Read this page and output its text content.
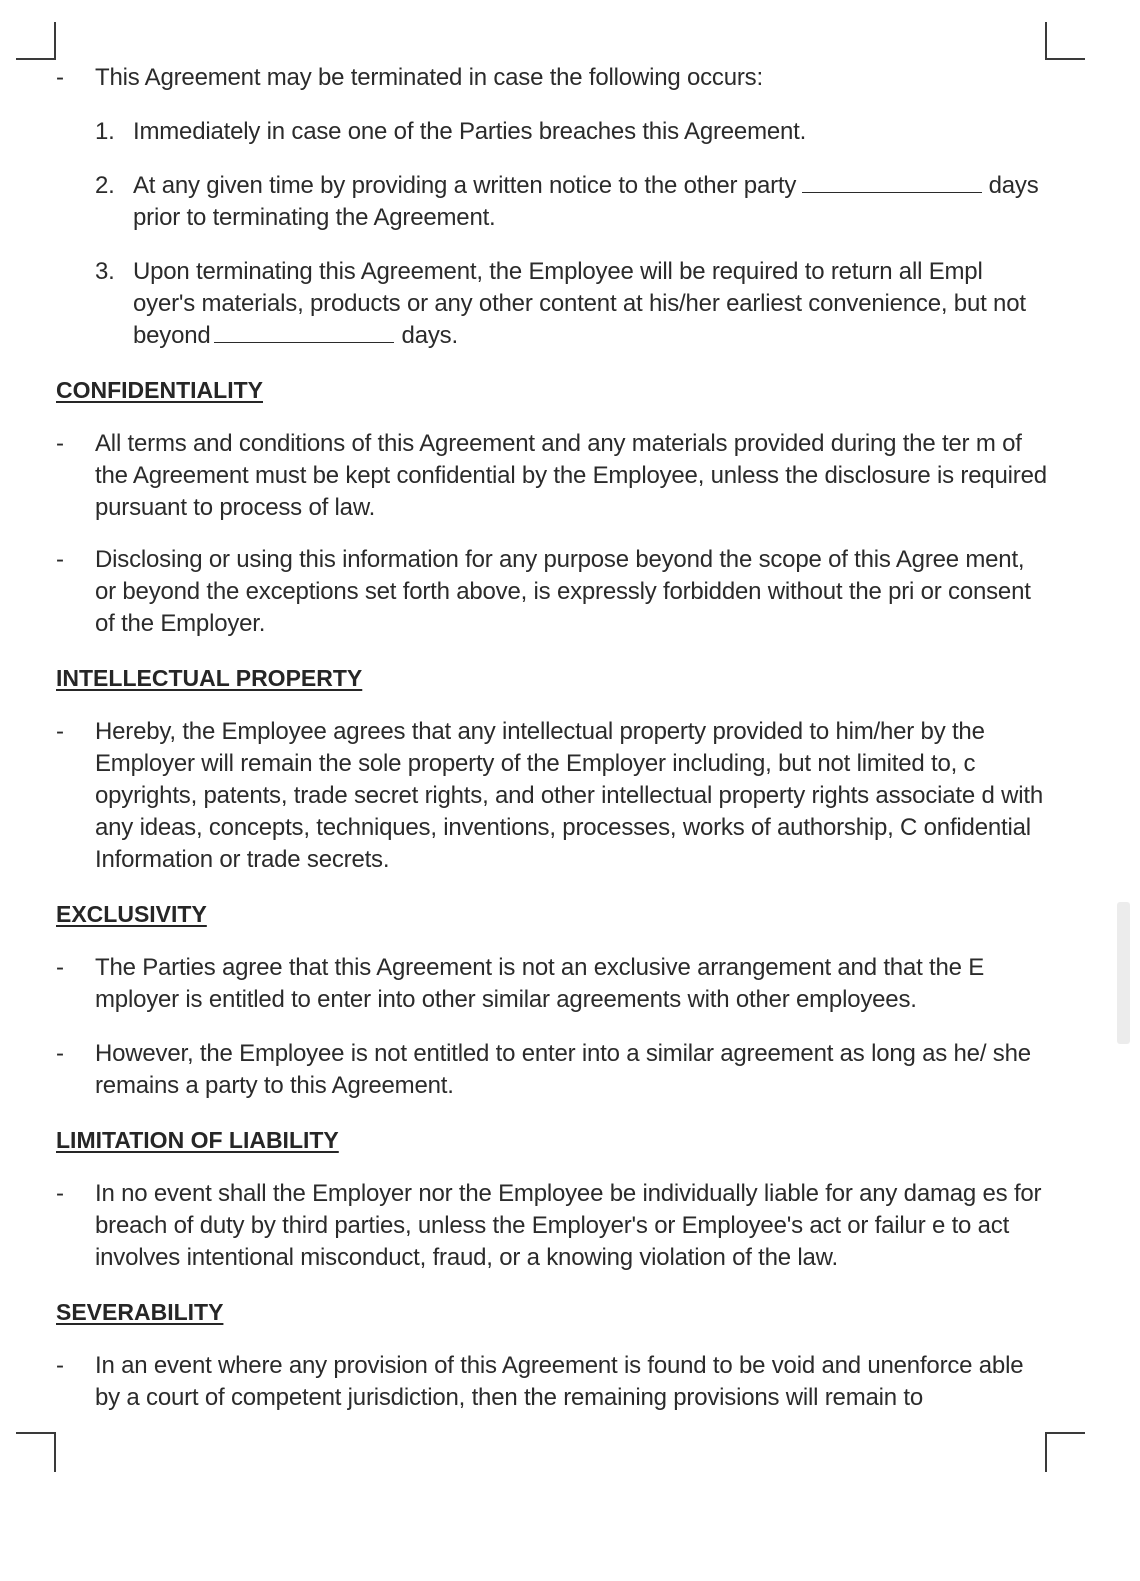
-	This Agreement may be terminated in case the following occurs:
1. Immediately in case one of the Parties breaches this Agreement.
2. At any given time by providing a written notice to the other party	days prior to terminating the Agreement.
3. Upon terminating this Agreement, the Employee will be required to return all Empl oyer's materials, products or any other content at his/her earliest convenience, but not beyond	days.
CONFIDENTIALITY
-	All terms and conditions of this Agreement and any materials provided during the ter m of the Agreement must be kept confidential by the Employee, unless the disclosure is required pursuant to process of law.
-	Disclosing or using this information for any purpose beyond the scope of this Agree ment, or beyond the exceptions set forth above, is expressly forbidden without the pri or consent of the Employer.
INTELLECTUAL PROPERTY
-	Hereby, the Employee agrees that any intellectual property provided to him/her by the Employer will remain the sole property of the Employer including, but not limited to, c opyrights, patents, trade secret rights, and other intellectual property rights associate d with any ideas, concepts, techniques, inventions, processes, works of authorship, C onfidential Information or trade secrets.
EXCLUSIVITY
-	The Parties agree that this Agreement is not an exclusive arrangement and that the E mployer is entitled to enter into other similar agreements with other employees.
-	However, the Employee is not entitled to enter into a similar agreement as long as he/ she remains a party to this Agreement.
LIMITATION OF LIABILITY
-	In no event shall the Employer nor the Employee be individually liable for any damag es for breach of duty by third parties, unless the Employer's or Employee's act or failur e to act involves intentional misconduct, fraud, or a knowing violation of the law.
SEVERABILITY
-	In an event where any provision of this Agreement is found to be void and unenforce able by a court of competent jurisdiction, then the remaining provisions will remain to
